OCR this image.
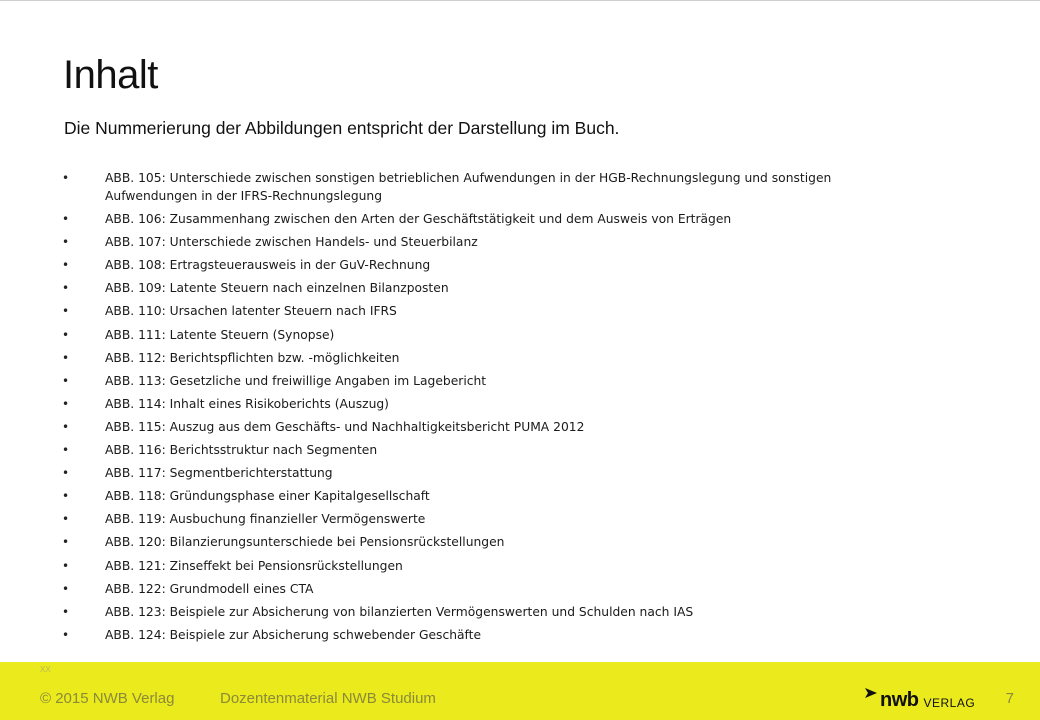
Inhalt

Die Nummerierung der Abbildungen entspricht der Darstellung im Buch.

•	ABB. 105: Unterschiede zwischen sonstigen betrieblichen Aufwendungen in der HGB-Rechnungslegung und sonstigen Aufwendungen in der IFRS-Rechnungslegung
•	ABB. 106: Zusammenhang zwischen den Arten der Geschäftstätigkeit und dem Ausweis von Erträgen
•	ABB. 107: Unterschiede zwischen Handels- und Steuerbilanz
•	ABB. 108: Ertragsteuerausweis in der GuV-Rechnung
•	ABB. 109: Latente Steuern nach einzelnen Bilanzposten
•	ABB. 110: Ursachen latenter Steuern nach IFRS
•	ABB. 111: Latente Steuern (Synopse)
•	ABB. 112: Berichtspflichten bzw. -möglichkeiten
•	ABB. 113: Gesetzliche und freiwillige Angaben im Lagebericht
•	ABB. 114: Inhalt eines Risikoberichts (Auszug)
•	ABB. 115: Auszug aus dem Geschäfts- und Nachhaltigkeitsbericht PUMA 2012
•	ABB. 116: Berichtsstruktur nach Segmenten
•	ABB. 117: Segmentberichterstattung
•	ABB. 118: Gründungsphase einer Kapitalgesellschaft
•	ABB. 119: Ausbuchung finanzieller Vermögenswerte
•	ABB. 120: Bilanzierungsunterschiede bei Pensionsrückstellungen
•	ABB. 121: Zinseffekt bei Pensionsrückstellungen
•	ABB. 122: Grundmodell eines CTA
•	ABB. 123: Beispiele zur Absicherung von bilanzierten Vermögenswerten und Schulden nach IAS
•	ABB. 124: Beispiele zur Absicherung schwebender Geschäfte
XX
© 2015 NWB Verlag	Dozentenmaterial NWB Studium	nwb VERLAG 7
